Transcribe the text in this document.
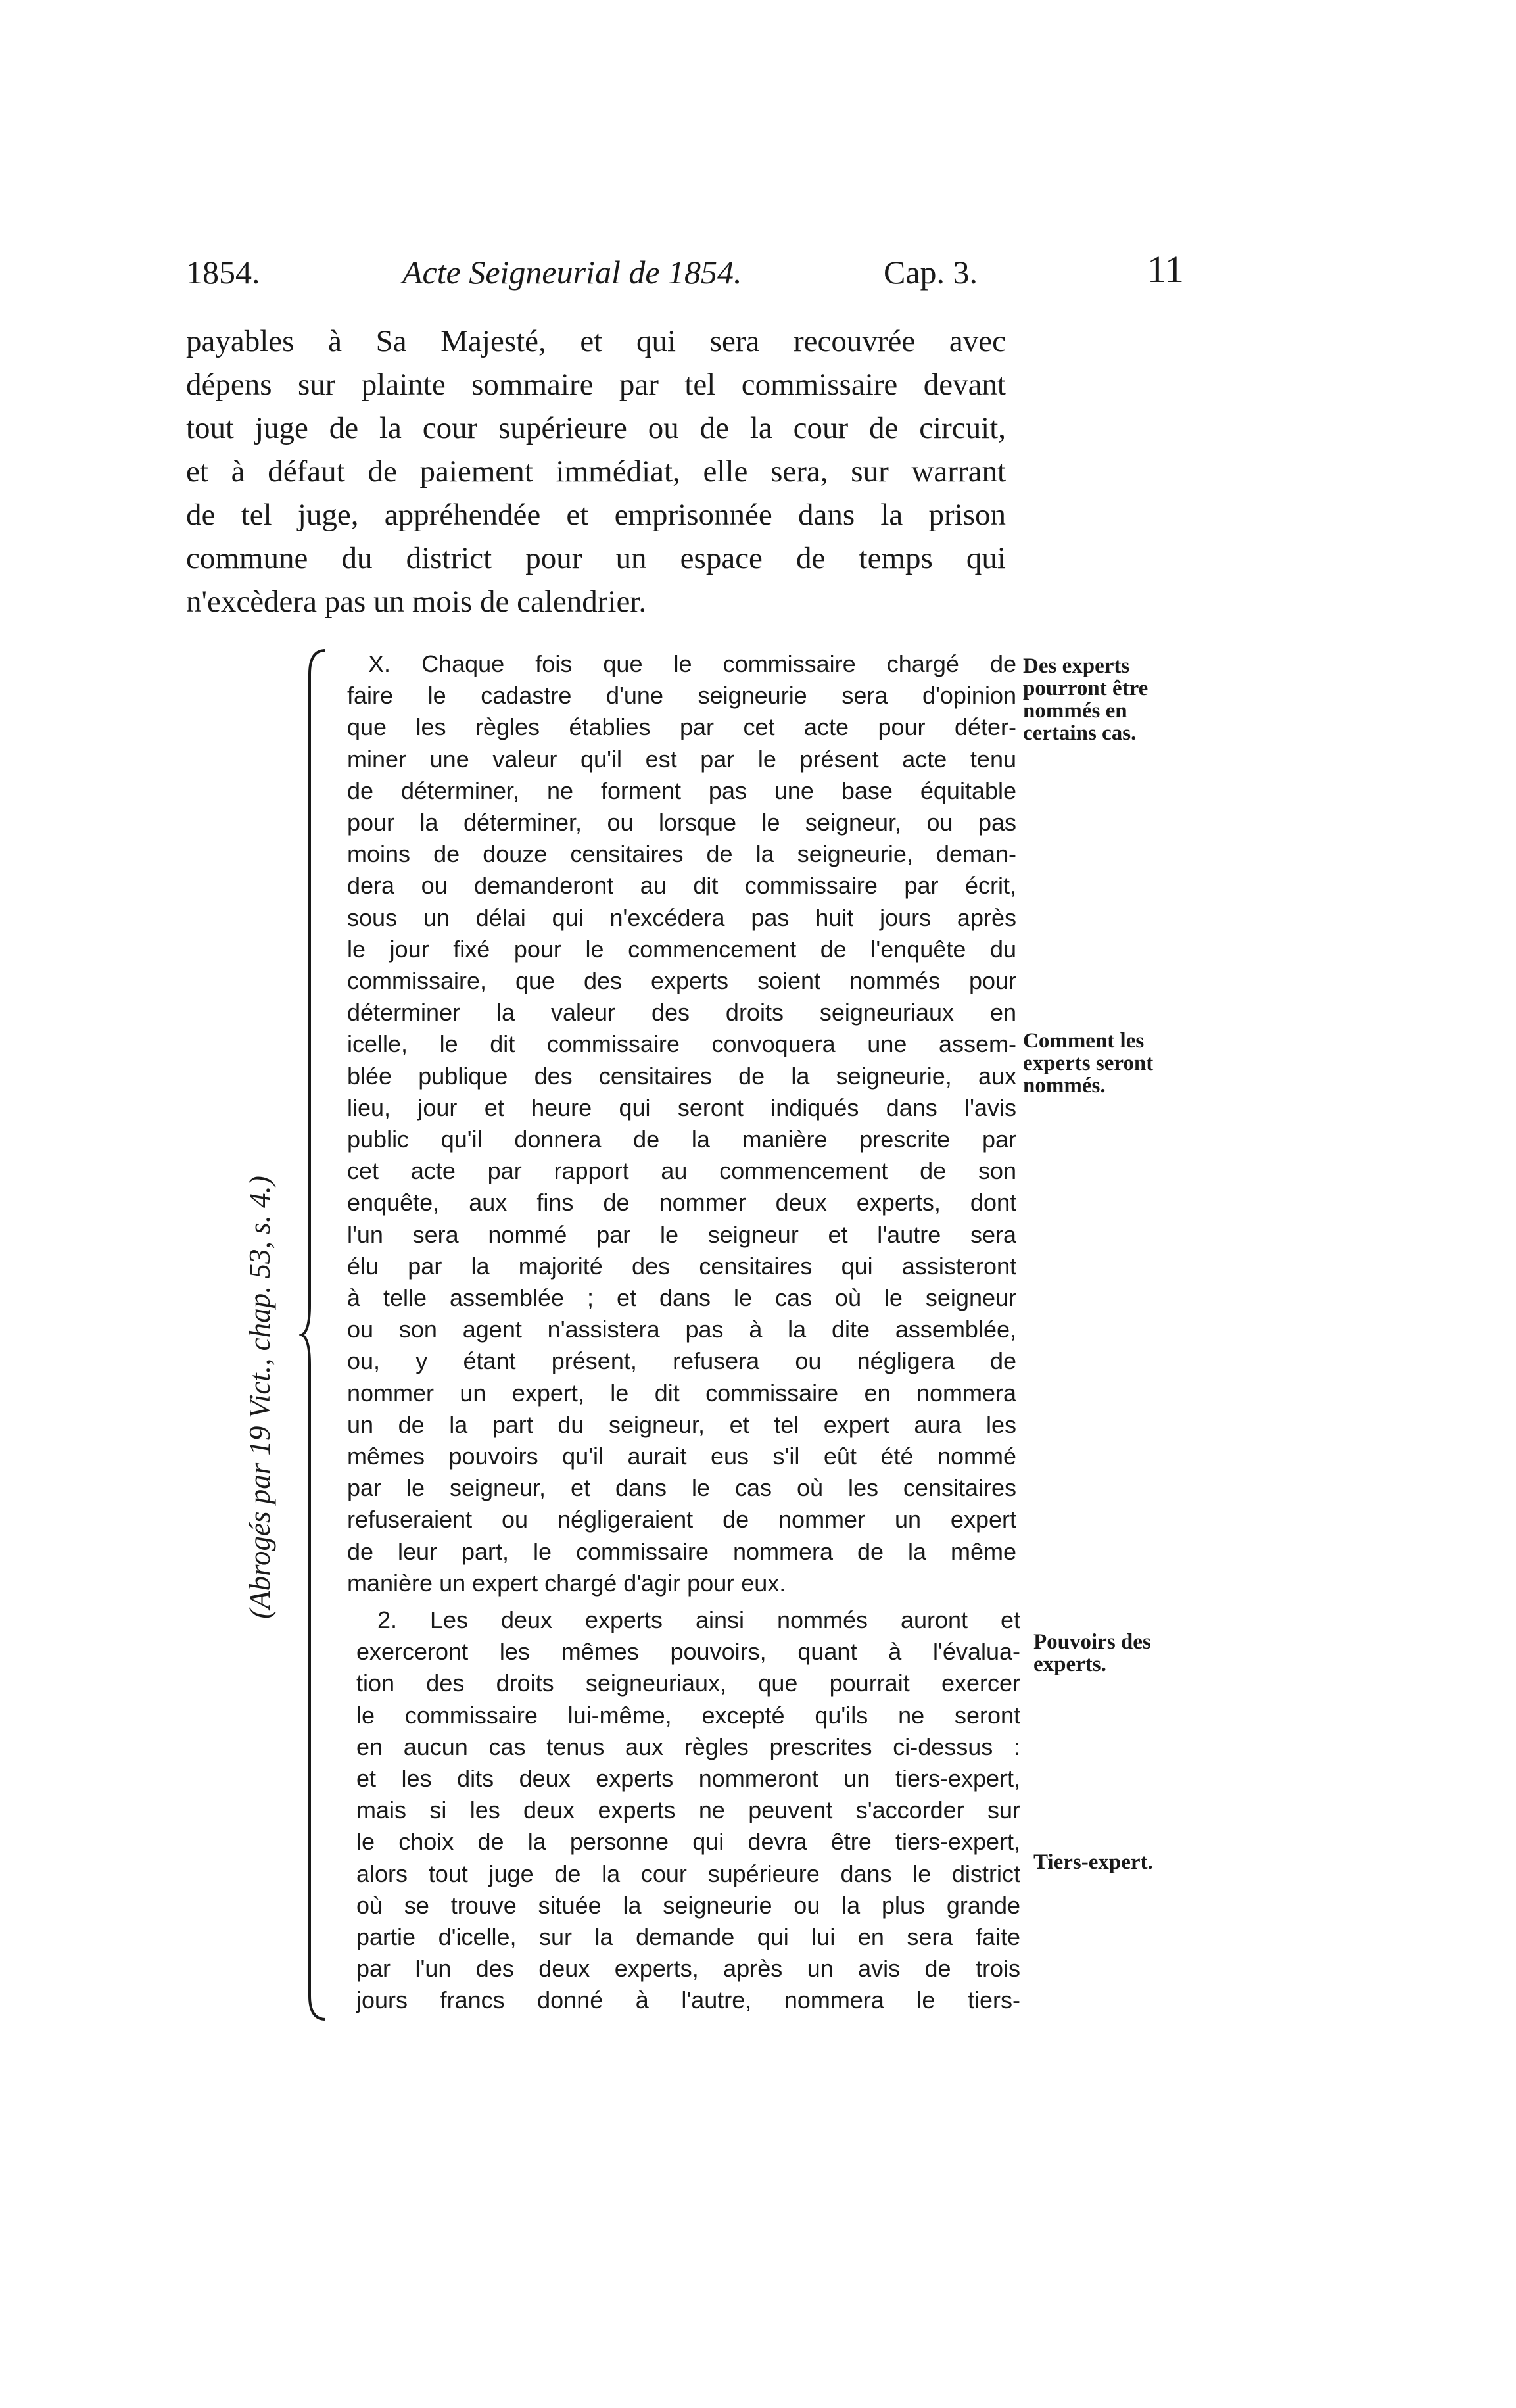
1854.	Acte Seigneurial de 1854.	Cap. 3.	11
payables à Sa Majesté, et qui sera recouvrée avec
dépens sur plainte sommaire par tel commissaire devant
tout juge de la cour supérieure ou de la cour de circuit,
et à défaut de paiement immédiat, elle sera, sur warrant
de tel juge, appréhendée et emprisonnée dans la prison
commune du district pour un espace de temps qui
n'excèdera pas un mois de calendrier.
(Abrogés par 19 Vict., chap. 53, s. 4.)
X. Chaque fois que le commissaire chargé de
faire le cadastre d'une seigneurie sera d'opinion
que les règles établies par cet acte pour déter-
miner une valeur qu'il est par le présent acte tenu
de déterminer, ne forment pas une base équitable
pour la déterminer, ou lorsque le seigneur, ou pas
moins de douze censitaires de la seigneurie, deman-
dera ou demanderont au dit commissaire par écrit,
sous un délai qui n'excédera pas huit jours après
le jour fixé pour le commencement de l'enquête du
commissaire, que des experts soient nommés pour
déterminer la valeur des droits seigneuriaux en
icelle, le dit commissaire convoquera une assem-
blée publique des censitaires de la seigneurie, aux
lieu, jour et heure qui seront indiqués dans l'avis
public qu'il donnera de la manière prescrite par
cet acte par rapport au commencement de son
enquête, aux fins de nommer deux experts, dont
l'un sera nommé par le seigneur et l'autre sera
élu par la majorité des censitaires qui assisteront
à telle assemblée ; et dans le cas où le seigneur
ou son agent n'assistera pas à la dite assemblée,
ou, y étant présent, refusera ou négligera de
nommer un expert, le dit commissaire en nommera
un de la part du seigneur, et tel expert aura les
mêmes pouvoirs qu'il aurait eus s'il eût été nommé
par le seigneur, et dans le cas où les censitaires
refuseraient ou négligeraient de nommer un expert
de leur part, le commissaire nommera de la même
manière un expert chargé d'agir pour eux.
2. Les deux experts ainsi nommés auront et
exerceront les mêmes pouvoirs, quant à l'évalua-
tion des droits seigneuriaux, que pourrait exercer
le commissaire lui-même, excepté qu'ils ne seront
en aucun cas tenus aux règles prescrites ci-dessus :
et les dits deux experts nommeront un tiers-expert,
mais si les deux experts ne peuvent s'accorder sur
le choix de la personne qui devra être tiers-expert,
alors tout juge de la cour supérieure dans le district
où se trouve située la seigneurie ou la plus grande
partie d'icelle, sur la demande qui lui en sera faite
par l'un des deux experts, après un avis de trois
jours francs donné à l'autre, nommera le tiers-
Des experts
pourront être
nommés en
certains cas.
Comment les
experts seront
nommés.
Pouvoirs des
experts.
Tiers-expert.
